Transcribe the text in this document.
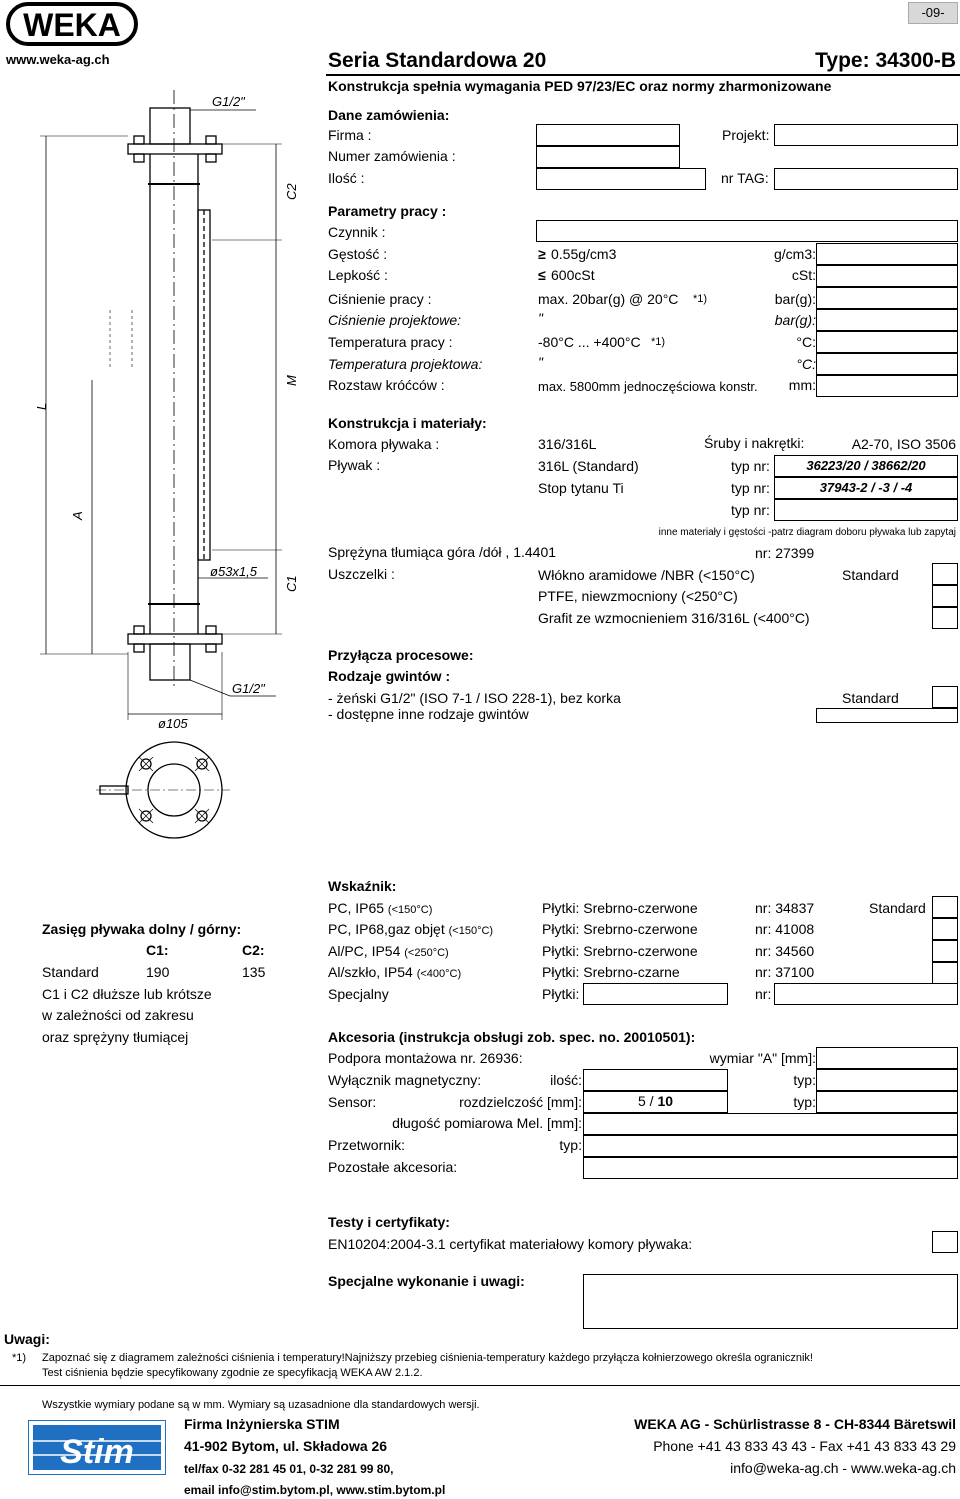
WEKA
www.weka-ag.ch
-09-
Seria Standardowa 20	Type: 34300-B
Konstrukcja spełnia wymagania PED 97/23/EC oraz normy zharmonizowane
G1/2"
C2
L
M
A
ø53x1,5
C1
G1/2"
ø105
Dane zamówienia:
Firma :
Numer zamówienia :
Ilość :
Projekt:
nr TAG:
Parametry pracy :
Czynnik :
Gęstość :	≥ 0.55g/cm3	g/cm3:
Lepkość :	≤ 600cSt	cSt:
Ciśnienie pracy :	max. 20bar(g) @ 20°C *1)	bar(g):
Ciśnienie projektowe:	"	bar(g):
Temperatura pracy :	-80°C ... +400°C *1)	°C:
Temperatura projektowa:	"	°C:
Rozstaw króćców :	max. 5800mm jednoczęściowa konstr. mm:
Konstrukcja i materiały:
Komora pływaka :	316/316L	Śruby i nakrętki:	A2-70, ISO 3506
Pływak :	316L (Standard)	typ nr:	36223/20 / 38662/20
Stop tytanu Ti	typ nr:	37943-2 / -3 / -4
typ nr:
inne materiały i gęstości -patrz diagram doboru pływaka lub zapytaj
Sprężyna tłumiąca góra /dół , 1.4401	nr: 27399
Uszczelki :	Włókno aramidowe /NBR (<150°C)	Standard
PTFE, niewzmocniony (<250°C)
Grafit ze wzmocnieniem 316/316L (<400°C)
Przyłącza procesowe:
Rodzaje gwintów :
- żeński G1/2" (ISO 7-1 / ISO 228-1), bez korka	Standard
- dostępne inne rodzaje gwintów
Zasięg pływaka dolny / górny:
C1:	C2:
Standard	190	135
C1 i C2 dłuższe lub krótsze
w zależności od zakresu
oraz sprężyny tłumiącej
Wskaźnik:
PC, IP65 (<150°C)	Płytki: Srebrno-czerwone	nr: 34837	Standard
PC, IP68,gaz objęt (<150°C)	Płytki: Srebrno-czerwone	nr: 41008
Al/PC, IP54 (<250°C)	Płytki: Srebrno-czerwone	nr: 34560
Al/szkło, IP54 (<400°C)	Płytki: Srebrno-czarne	nr: 37100
Specjalny	Płytki:	nr:
Akcesoria (instrukcja obsługi zob. spec. no. 20010501):
Podpora montażowa nr. 26936:	wymiar "A" [mm]:
Wyłącznik magnetyczny:	ilość:	typ:
Sensor:	rozdzielczość [mm]:	5 / 10	typ:
długość pomiarowa Mel. [mm]:
Przetwornik:	typ:
Pozostałe akcesoria:
Testy i certyfikaty:
EN10204:2004-3.1 certyfikat materiałowy komory pływaka:
Specjalne wykonanie i uwagi:
Uwagi:
*1) Zapoznać się z diagramem zależności ciśnienia i temperatury!Najniższy przebieg ciśnienia-temperatury każdego przyłącza kołnierzowego określa ogranicznik!
Test ciśnienia będzie specyfikowany zgodnie ze specyfikacją WEKA AW 2.1.2.
Wszystkie wymiary podane są w mm. Wymiary są uzasadnione dla standardowych wersji.
Stim
Firma Inżynierska STIM
41-902 Bytom, ul. Składowa 26
tel/fax 0-32 281 45 01, 0-32 281 99 80,
email info@stim.bytom.pl, www.stim.bytom.pl
WEKA AG - Schürlistrasse 8 - CH-8344 Bäretswil
Phone +41 43 833 43 43 - Fax +41 43 833 43 29
info@weka-ag.ch - www.weka-ag.ch
